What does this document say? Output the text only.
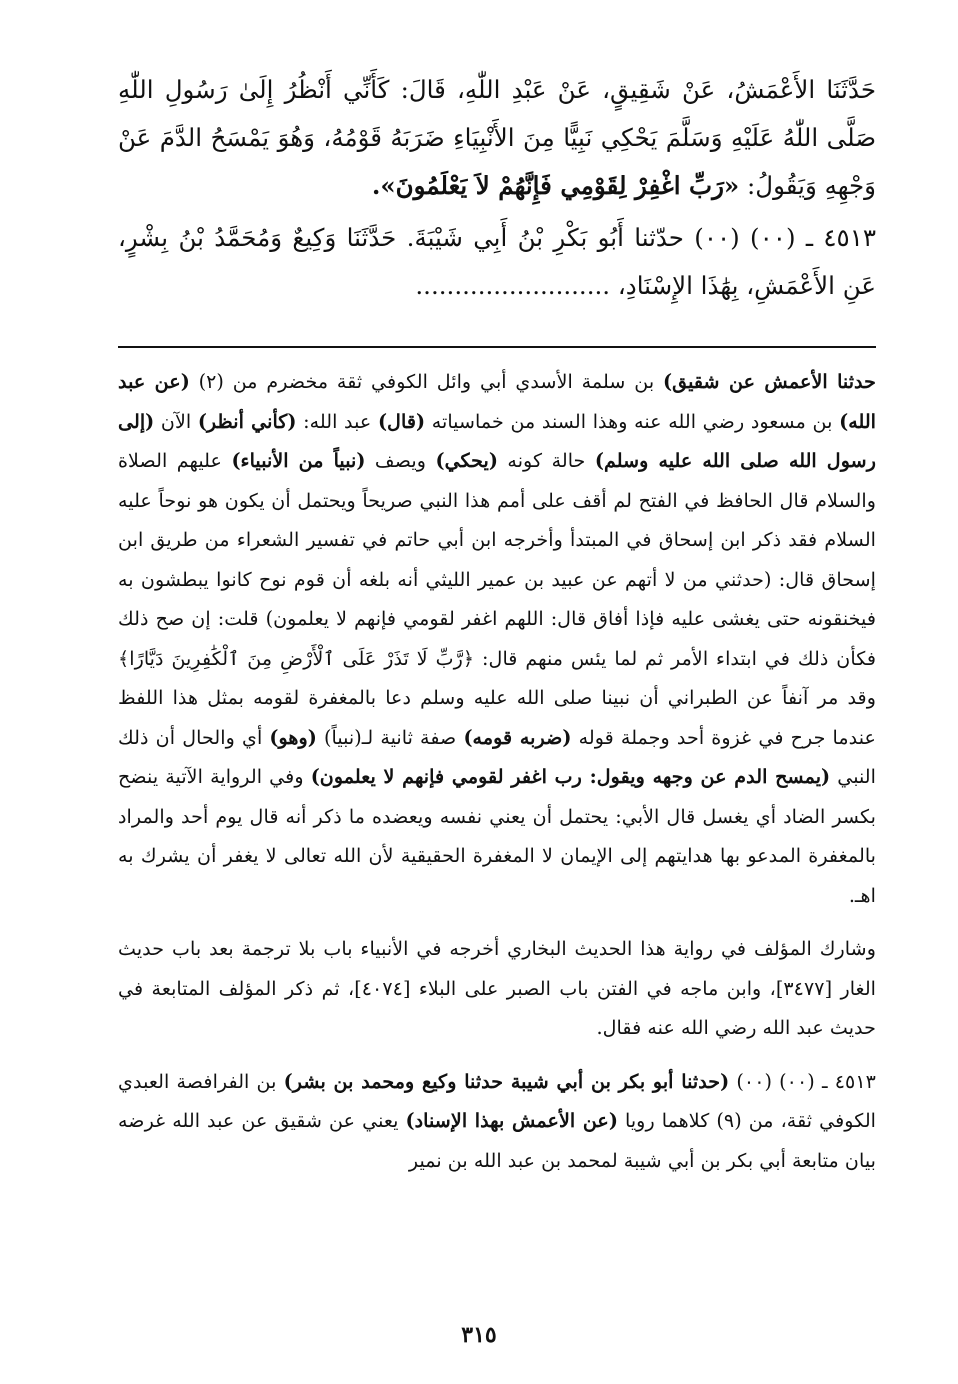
حَدَّثَنَا الأَعْمَشُ، عَنْ شَقِيقٍ، عَنْ عَبْدِ اللّٰهِ، قَالَ: كَأَنِّي أَنْظُرُ إِلَىٰ رَسُولِ اللّٰهِ صَلَّى اللّٰهُ عَلَيْهِ وَسَلَّمَ يَحْكِي نَبِيًّا مِنَ الأَنْبِيَاءِ ضَرَبَهُ قَوْمُهُ، وَهُوَ يَمْسَحُ الدَّمَ عَنْ وَجْهِهِ وَيَقُولُ: «رَبِّ اغْفِرْ لِقَوْمِي فَإِنَّهُمْ لاَ يَعْلَمُونَ».

٤٥١٣ ـ (٠٠) (٠٠) حدّثنا أَبُو بَكْرِ بْنُ أَبِي شَيْبَةَ. حَدَّثَنَا وَكِيعٌ وَمُحَمَّدُ بْنُ بِشْرٍ، عَنِ الأَعْمَشِ، بِهَٰذَا الإِسْنَادِ، .........................

حدثنا الأعمش عن شقيق) بن سلمة الأسدي أبي وائل الكوفي ثقة مخضرم من (٢) (عن عبد الله) بن مسعود رضي الله عنه وهذا السند من خماسياته (قال) عبد الله: (كأني أنظر) الآن (إلى رسول الله صلى الله عليه وسلم) حالة كونه (يحكي) ويصف (نبياً من الأنبياء) عليهم الصلاة والسلام قال الحافظ في الفتح لم أقف على أمم هذا النبي صريحاً ويحتمل أن يكون هو نوحاً عليه السلام فقد ذكر ابن إسحاق في المبتدأ وأخرجه ابن أبي حاتم في تفسير الشعراء من طريق ابن إسحاق قال: (حدثني من لا أتهم عن عبيد بن عمير الليثي أنه بلغه أن قوم نوح كانوا يبطشون به فيخنقونه حتى يغشى عليه فإذا أفاق قال: اللهم اغفر لقومي فإنهم لا يعلمون) قلت: إن صح ذلك فكأن ذلك في ابتداء الأمر ثم لما يئس منهم قال: ﴿رَّبِّ لَا تَذَرْ عَلَى ٱلْأَرْضِ مِنَ ٱلْكَٰفِرِينَ دَيَّارًا﴾ وقد مر آنفاً عن الطبراني أن نبينا صلى الله عليه وسلم دعا بالمغفرة لقومه بمثل هذا اللفظ عندما جرح في غزوة أحد وجملة قوله (ضربه قومه) صفة ثانية لـ(نبياً) (وهو) أي والحال أن ذلك النبي (يمسح الدم عن وجهه ويقول: رب اغفر لقومي فإنهم لا يعلمون) وفي الرواية الآتية ينضح بكسر الضاد أي يغسل قال الأبي: يحتمل أن يعني نفسه ويعضده ما ذكر أنه قال يوم أحد والمراد بالمغفرة المدعو بها هدايتهم إلى الإيمان لا المغفرة الحقيقية لأن الله تعالى لا يغفر أن يشرك به اهـ.

وشارك المؤلف في رواية هذا الحديث البخاري أخرجه في الأنبياء باب بلا ترجمة بعد باب حديث الغار [٣٤٧٧]، وابن ماجه في الفتن باب الصبر على البلاء [٤٠٧٤]، ثم ذكر المؤلف المتابعة في حديث عبد الله رضي الله عنه فقال.

٤٥١٣ ـ (٠٠) (٠٠) (حدثنا أبو بكر بن أبي شيبة حدثنا وكيع ومحمد بن بشر) بن الفرافصة العبدي الكوفي ثقة، من (٩) كلاهما رويا (عن الأعمش بهذا الإسناد) يعني عن شقيق عن عبد الله غرضه بيان متابعة أبي بكر بن أبي شيبة لمحمد بن عبد الله بن نمير

٣١٥
